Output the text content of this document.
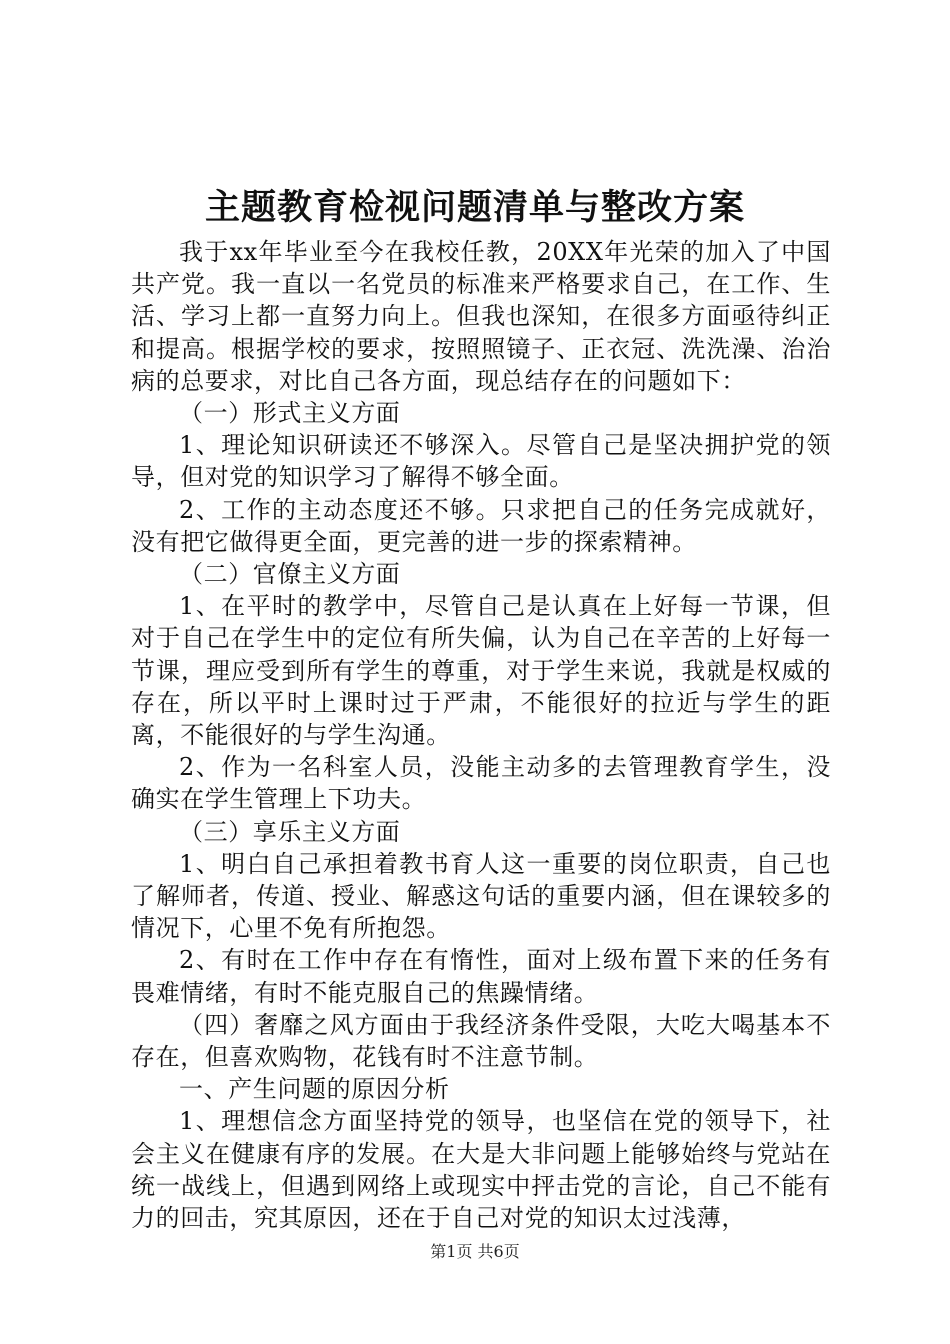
主题教育检视问题清单与整改方案

我于xx年毕业至今在我校任教，20XX年光荣的加入了中国共产党。我一直以一名党员的标准来严格要求自己，在工作、生活、学习上都一直努力向上。但我也深知，在很多方面亟待纠正和提高。根据学校的要求，按照照镜子、正衣冠、洗洗澡、治治病的总要求，对比自己各方面，现总结存在的问题如下：

（一）形式主义方面

1、理论知识研读还不够深入。尽管自己是坚决拥护党的领导，但对党的知识学习了解得不够全面。

2、工作的主动态度还不够。只求把自己的任务完成就好，没有把它做得更全面，更完善的进一步的探索精神。

（二）官僚主义方面

1、在平时的教学中，尽管自己是认真在上好每一节课，但对于自己在学生中的定位有所失偏，认为自己在辛苦的上好每一节课，理应受到所有学生的尊重，对于学生来说，我就是权威的存在，所以平时上课时过于严肃，不能很好的拉近与学生的距离，不能很好的与学生沟通。

2、作为一名科室人员，没能主动多的去管理教育学生，没确实在学生管理上下功夫。

（三）享乐主义方面

1、明白自己承担着教书育人这一重要的岗位职责，自己也了解师者，传道、授业、解惑这句话的重要内涵，但在课较多的情况下，心里不免有所抱怨。

2、有时在工作中存在有惰性，面对上级布置下来的任务有畏难情绪，有时不能克服自己的焦躁情绪。

（四）奢靡之风方面由于我经济条件受限，大吃大喝基本不存在，但喜欢购物，花钱有时不注意节制。

一、产生问题的原因分析

1、理想信念方面坚持党的领导，也坚信在党的领导下，社会主义在健康有序的发展。在大是大非问题上能够始终与党站在统一战线上，但遇到网络上或现实中抨击党的言论，自己不能有力的回击，究其原因，还在于自己对党的知识太过浅薄，

第1页 共6页
